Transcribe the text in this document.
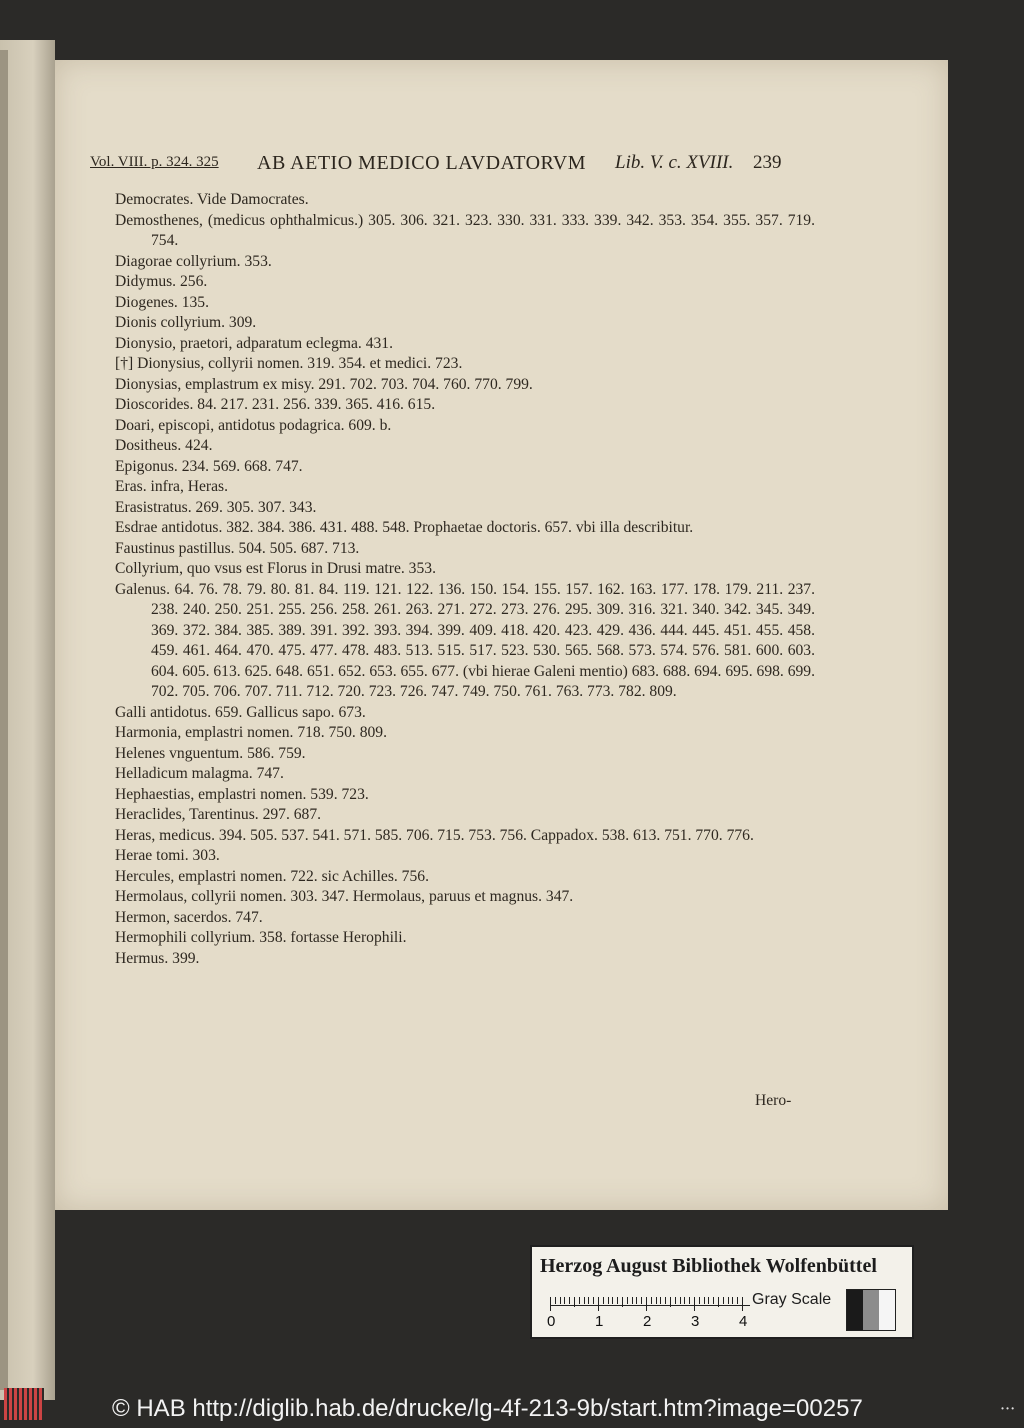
Vol. VIII. p. 324. 325 AB AETIO MEDICO LAVDATORVM Lib. V. c. XVIII. 239
Democrates. Vide Damocrates.
Demosthenes, (medicus ophthalmicus.) 305. 306. 321. 323. 330. 331. 333. 339. 342. 353. 354. 355. 357. 719. 754.
Diagorae collyrium. 353.
Didymus. 256.
Diogenes. 135.
Dionis collyrium. 309.
Dionysio, praetori, adparatum eclegma. 431.
[†] Dionysius, collyrii nomen. 319. 354. et medici. 723.
Dionysias, emplastrum ex misy. 291. 702. 703. 704. 760. 770. 799.
Dioscorides. 84. 217. 231. 256. 339. 365. 416. 615.
Doari, episcopi, antidotus podagrica. 609. b.
Dositheus. 424.
Epigonus. 234. 569. 668. 747.
Eras. infra, Heras.
Erasistratus. 269. 305. 307. 343.
Esdrae antidotus. 382. 384. 386. 431. 488. 548. Prophaetae doctoris. 657. vbi illa describitur.
Faustinus pastillus. 504. 505. 687. 713.
Collyrium, quo vsus est Florus in Drusi matre. 353.
Galenus. 64. 76. 78. 79. 80. 81. 84. 119. 121. 122. 136. 150. 154. 155. 157. 162. 163. 177. 178. 179. 211. 237. 238. 240. 250. 251. 255. 256. 258. 261. 263. 271. 272. 273. 276. 295. 309. 316. 321. 340. 342. 345. 349. 369. 372. 384. 385. 389. 391. 392. 393. 394. 399. 409. 418. 420. 423. 429. 436. 444. 445. 451. 455. 458. 459. 461. 464. 470. 475. 477. 478. 483. 513. 515. 517. 523. 530. 565. 568. 573. 574. 576. 581. 600. 603. 604. 605. 613. 625. 648. 651. 652. 653. 655. 677. (vbi hierae Galeni mentio) 683. 688. 694. 695. 698. 699. 702. 705. 706. 707. 711. 712. 720. 723. 726. 747. 749. 750. 761. 763. 773. 782. 809.
Galli antidotus. 659. Gallicus sapo. 673.
Harmonia, emplastri nomen. 718. 750. 809.
Helenes vnguentum. 586. 759.
Helladicum malagma. 747.
Hephaestias, emplastri nomen. 539. 723.
Heraclides, Tarentinus. 297. 687.
Heras, medicus. 394. 505. 537. 541. 571. 585. 706. 715. 753. 756. Cappadox. 538. 613. 751. 770. 776.
Herae tomi. 303.
Hercules, emplastri nomen. 722. sic Achilles. 756.
Hermolaus, collyrii nomen. 303. 347. Hermolaus, paruus et magnus. 347.
Hermon, sacerdos. 747.
Hermophili collyrium. 358. fortasse Herophili.
Hermus. 399.
Hero-
Herzog August Bibliothek Wolfenbüttel
0	1	2	3	4
Gray Scale
© HAB http://diglib.hab.de/drucke/lg-4f-213-9b/start.htm?image=00257	• • •
